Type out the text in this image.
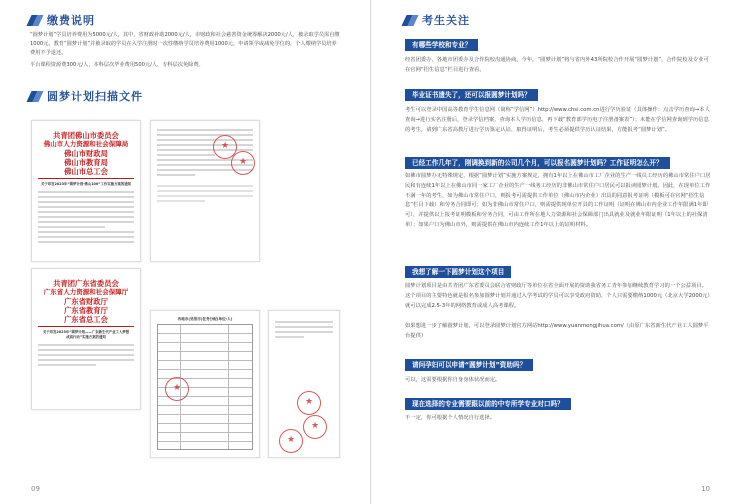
缴费说明
“圆梦计划”学员培养费用为5000元/人，其中，省财政补助2000元/人，市财政和社会慈善资金统筹解决2000元/人，被录取学员需自缴1000元，教育“圆梦计划”并被录取的学员在入学注册时一次性缴纳学员培养费用1000元，申请领学或减免学位的，个人缴纳学员培养费用不予退还。
平台课程资源费300元/人，本科层次毕业费用500元/人，专科层次免除费。
圆梦计划扫描文件
共青团佛山市委员会
佛山市人力资源和社会保障局
佛山市财政局
佛山市教育局
佛山市总工会
关于印发2023年“圆梦计划·佛山100”工作实施方案的通知
★
★
共青团广东省委员会
广东省人力资源和社会保障厅
广东省财政厅
广东省教育厅
广东省总工会
关于印发2023年“圆梦计划——广东新生代产业工人梦想成真行动”实施方案的通知
各地市(县级市)任务分配(单位:人)
★
★
★
★
09
考生关注
有哪些学校和专业？
经省团委办、各地市团委办及合作院校沟通协商，今年，“圆梦计划”将与省内外43所院校合作开展“圆梦计划”，合作院校及专业可在官网“招生信息”栏目进行查看。
毕业证书遗失了，还可以报圆梦计划吗？
考生可以登录中国高等教育学生信息网（简称“学信网”）http://www.chsi.com.cn进行学历验证（具体操作：点击学历查询→本人查询→进行实名注册后，登录学信档案，查询本人学历信息，再下载“教育部学历电子注册备案表”）；未能在学信网查询到学历信息的考生，请到广东省高教厅进行学历鉴定认证，取得证明后，考生必须提供学历认证结果，方能报考“圆梦计划”。
已经工作几年了，刚调换到新的公司几个月，可以报名圆梦计划吗？工作证明怎么开？
如佛市圆梦办无特殊规定，根据“圆梦计划”实施方案规定，拥有1年以上在佛山市工厂企业的生产一线员工经历的佛山市常住户口居民和有连续1年以上在佛山市同一家工厂企业的生产一线务工经历的非佛山市常住户口居民可以报读圆梦计划。因此，在现单位工作不满一年的考生，如为佛山市常住户口，则报考可需提供工作单位（佛山市内企业）出具的同意报考证明（模板可在官网“招生信息”栏目下载）和劳务合同即可；如为非佛山市常住户口，则需提供现单位开具的工作证明（证明在佛山市内企业工作年限满1年即可），并提供以上报考证明模板和劳务合同，可由工作所在地人力资源和社会保障部门出具就业及就业年限证明（1年以上的社保清单）；如果户口为佛山市外，则需提供在佛山市内连续工作1年以上的证明材料。
我想了解一下圆梦计划这个项目
圆梦计划项目是由共青团广东省委员会联合省财政厅等单位在省全面开展的资助我省务工青年参加继续教育学习的一个公益项目。这个项目的主要特色就是报名参加圆梦计划并通过入学考试的学员可以享受政府资助，个人只需要缴纳1000元（北京大学2000元）就可以完成2.5-3年的网络教育或成人高考课程。
如果想进一步了解圆梦计划，可以登录圆梦计划官方网站http://www.yuanmengjihua.com/（由原广东省新生代产业工人圆梦平台提供）
请问孕妇可以申请“圆梦计划”资助吗？
可以，这需要根据你自身身体状况而定。
现在选择的专业需要跟以前的中专所学专业对口吗？
不一定，你可根据个人情况自行选择。
10
